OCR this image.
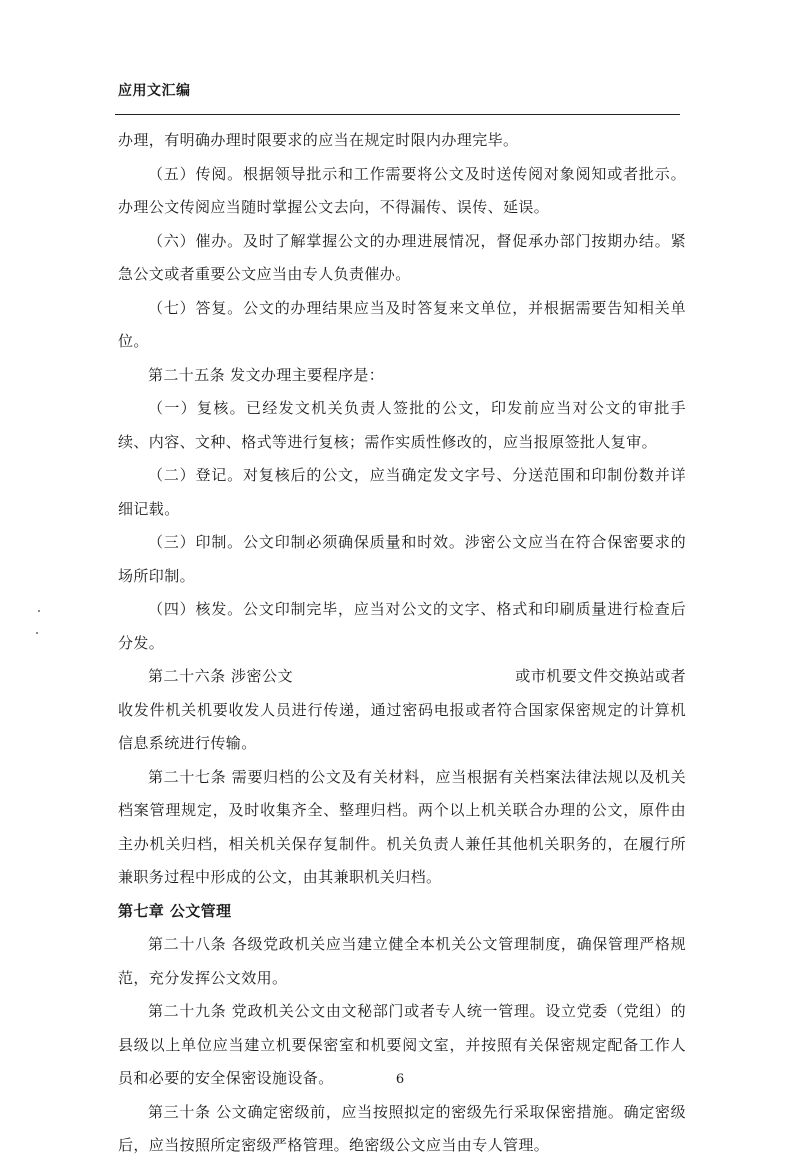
应用文汇编

办理，有明确办理时限要求的应当在规定时限内办理完毕。

（五）传阅。根据领导批示和工作需要将公文及时送传阅对象阅知或者批示。办理公文传阅应当随时掌握公文去向，不得漏传、误传、延误。

（六）催办。及时了解掌握公文的办理进展情况，督促承办部门按期办结。紧急公文或者重要公文应当由专人负责催办。

（七）答复。公文的办理结果应当及时答复来文单位，并根据需要告知相关单位。

第二十五条 发文办理主要程序是：

（一）复核。已经发文机关负责人签批的公文，印发前应当对公文的审批手续、内容、文种、格式等进行复核；需作实质性修改的，应当报原签批人复审。

（二）登记。对复核后的公文，应当确定发文字号、分送范围和印制份数并详细记载。

（三）印制。公文印制必须确保质量和时效。涉密公文应当在符合保密要求的场所印制。

（四）核发。公文印制完毕，应当对公文的文字、格式和印刷质量进行检查后分发。

第二十六条 涉密公文	或市机要文件交换站或者收发件机关机要收发人员进行传递，通过密码电报或者符合国家保密规定的计算机信息系统进行传输。

第二十七条 需要归档的公文及有关材料，应当根据有关档案法律法规以及机关档案管理规定，及时收集齐全、整理归档。两个以上机关联合办理的公文，原件由主办机关归档，相关机关保存复制件。机关负责人兼任其他机关职务的，在履行所兼职务过程中形成的公文，由其兼职机关归档。

第七章 公文管理

第二十八条 各级党政机关应当建立健全本机关公文管理制度，确保管理严格规范，充分发挥公文效用。

第二十九条 党政机关公文由文秘部门或者专人统一管理。设立党委（党组）的县级以上单位应当建立机要保密室和机要阅文室，并按照有关保密规定配备工作人员和必要的安全保密设施设备。

第三十条 公文确定密级前，应当按照拟定的密级先行采取保密措施。确定密级后，应当按照所定密级严格管理。绝密级公文应当由专人管理。

6
